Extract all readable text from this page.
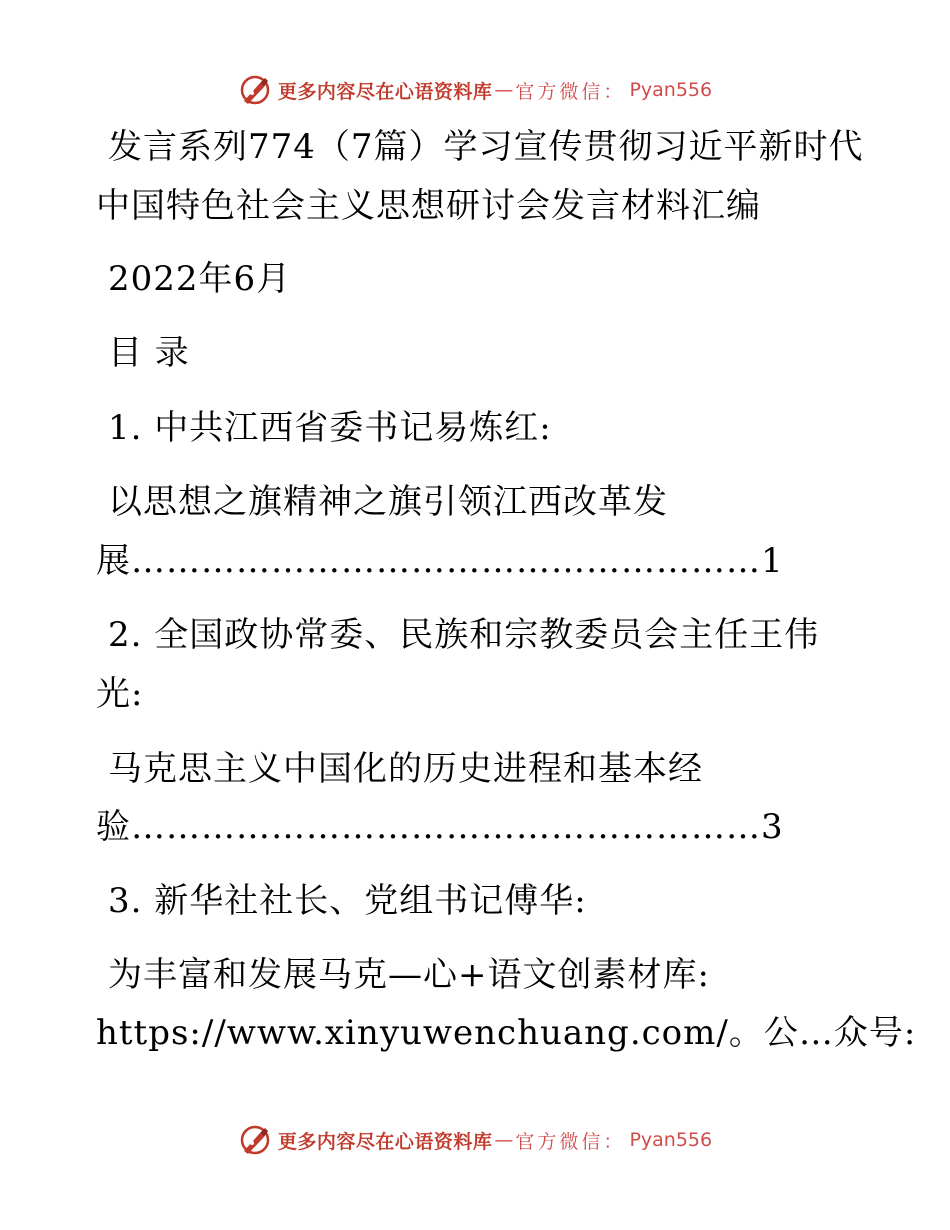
更多内容尽在心语资料库 — 官方微信： Pyan556
发言系列774（7篇）学习宣传贯彻习近平新时代
中国特色社会主义思想研讨会发言材料汇编
2022年6月
目 录
1. 中共江西省委书记易炼红:
以思想之旗精神之旗引领江西改革发
展………………………………………………1
2. 全国政协常委、民族和宗教委员会主任王伟
光:
马克思主义中国化的历史进程和基本经
验………………………………………………3
3. 新华社社长、党组书记傅华:
为丰富和发展马克—心+语文创素材库:
https://www.xinyuwenchuang.com/。公…众号:
更多内容尽在心语资料库 — 官方微信： Pyan556
